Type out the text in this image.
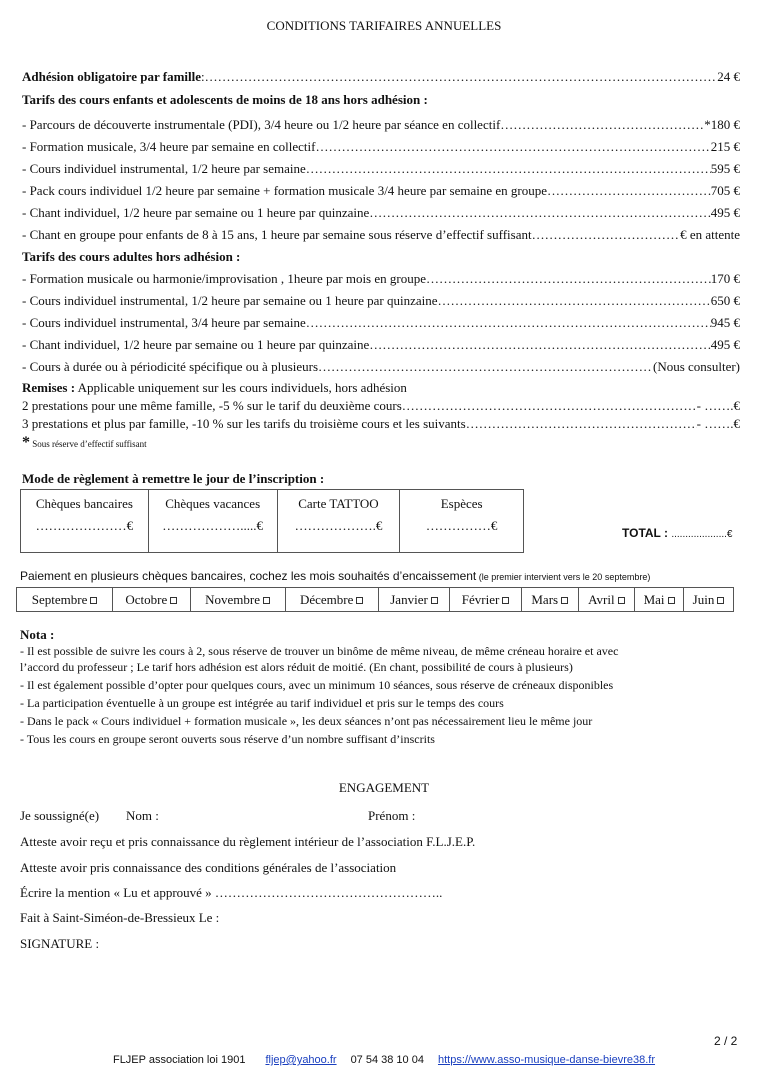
CONDITIONS TARIFAIRES ANNUELLES
Adhésion obligatoire par famille : …………………………………………………………………………………………………………………………………………………………………………………………………………………………………………	24 €
Tarifs des cours enfants et adolescents de moins de 18 ans hors adhésion :
- Parcours de découverte instrumentale (PDI), 3/4 heure ou 1/2 heure par séance en collectif …………………………………………………………………………………………………………………………………………………………………………………………………………………………………………	*180 €
- Formation musicale, 3/4 heure par semaine en collectif …………………………………………………………………………………………………………………………………………………………………………………………………………………………………………	215 €
- Cours individuel instrumental, 1/2 heure par semaine …………………………………………………………………………………………………………………………………………………………………………………………………………………………………………	595 €
- Pack cours individuel 1/2 heure par semaine + formation musicale 3/4 heure par semaine en groupe …………………………………………………………………………………………………………………………………………………………………………………………………………………………………………	705 €
- Chant individuel, 1/2 heure par semaine ou 1 heure par quinzaine …………………………………………………………………………………………………………………………………………………………………………………………………………………………………………	495 €
- Chant en groupe pour enfants de 8 à 15 ans, 1 heure par semaine sous réserve d’effectif suffisant …………………………………………………………………………………………………………………………………………………………………………………………………………………………………………	€ en attente
Tarifs des cours adultes hors adhésion :
- Formation musicale ou harmonie/improvisation , 1heure par mois en groupe …………………………………………………………………………………………………………………………………………………………………………………………………………………………………………	170 €
- Cours individuel instrumental, 1/2 heure par semaine ou 1 heure par quinzaine …………………………………………………………………………………………………………………………………………………………………………………………………………………………………………	650 €
- Cours individuel instrumental, 3/4 heure par semaine …………………………………………………………………………………………………………………………………………………………………………………………………………………………………………	945 €
- Chant individuel, 1/2 heure par semaine ou 1 heure par quinzaine …………………………………………………………………………………………………………………………………………………………………………………………………………………………………………	495 €
- Cours à durée ou à périodicité spécifique ou à plusieurs …………………………………………………………………………………………………………………………………………………………………………………………………………………………………………	(Nous consulter)
Remises : Applicable uniquement sur les cours individuels, hors adhésion
2 prestations pour une même famille, -5 % sur le tarif du deuxième cours …………………………………………………………………………………………………………………………………………………………………………………………………………………………………………	- …….€
3 prestations et plus par famille, -10 % sur les tarifs du troisième cours et les suivants …………………………………………………………………………………………………………………………………………………………………………………………………………………………………………	- …….€
* Sous réserve d’effectif suffisant
Mode de règlement à remettre le jour de l’inscription :
Chèques bancaires
…………………€
	Chèques vacances
……………….....€
	Carte TATTOO
……………….€
	Espèces
……………€	TOTAL : ....................€
Paiement en plusieurs chèques bancaires, cochez les mois souhaités d’encaissement (le premier intervient vers le 20 septembre)
Septembre	Octobre	Novembre	Décembre	Janvier	Février	Mars	Avril	Mai	Juin
Nota :
- Il est possible de suivre les cours à 2, sous réserve de trouver un binôme de même niveau, de même créneau horaire et avec
l’accord du professeur ; Le tarif hors adhésion est alors réduit de moitié. (En chant, possibilité de cours à plusieurs)
- Il est également possible d’opter pour quelques cours, avec un minimum 10 séances, sous réserve de créneaux disponibles
- La participation éventuelle à un groupe est intégrée au tarif individuel et pris sur le temps des cours
- Dans le pack « Cours individuel + formation musicale », les deux séances n’ont pas nécessairement lieu le même jour
- Tous les cours en groupe seront ouverts sous réserve d’un nombre suffisant d’inscrits
ENGAGEMENT
Je soussigné(e) Nom :	Prénom :
Atteste avoir reçu et pris connaissance du règlement intérieur de l’association F.L.J.E.P.
Atteste avoir pris connaissance des conditions générales de l’association
Écrire la mention « Lu et approuvé » ……………………………………………..
Fait à Saint-Siméon-de-Bressieux Le :
SIGNATURE :
2 / 2
FLJEP association loi 1901 fljep@yahoo.fr 07 54 38 10 04 https://www.asso-musique-danse-bievre38.fr
